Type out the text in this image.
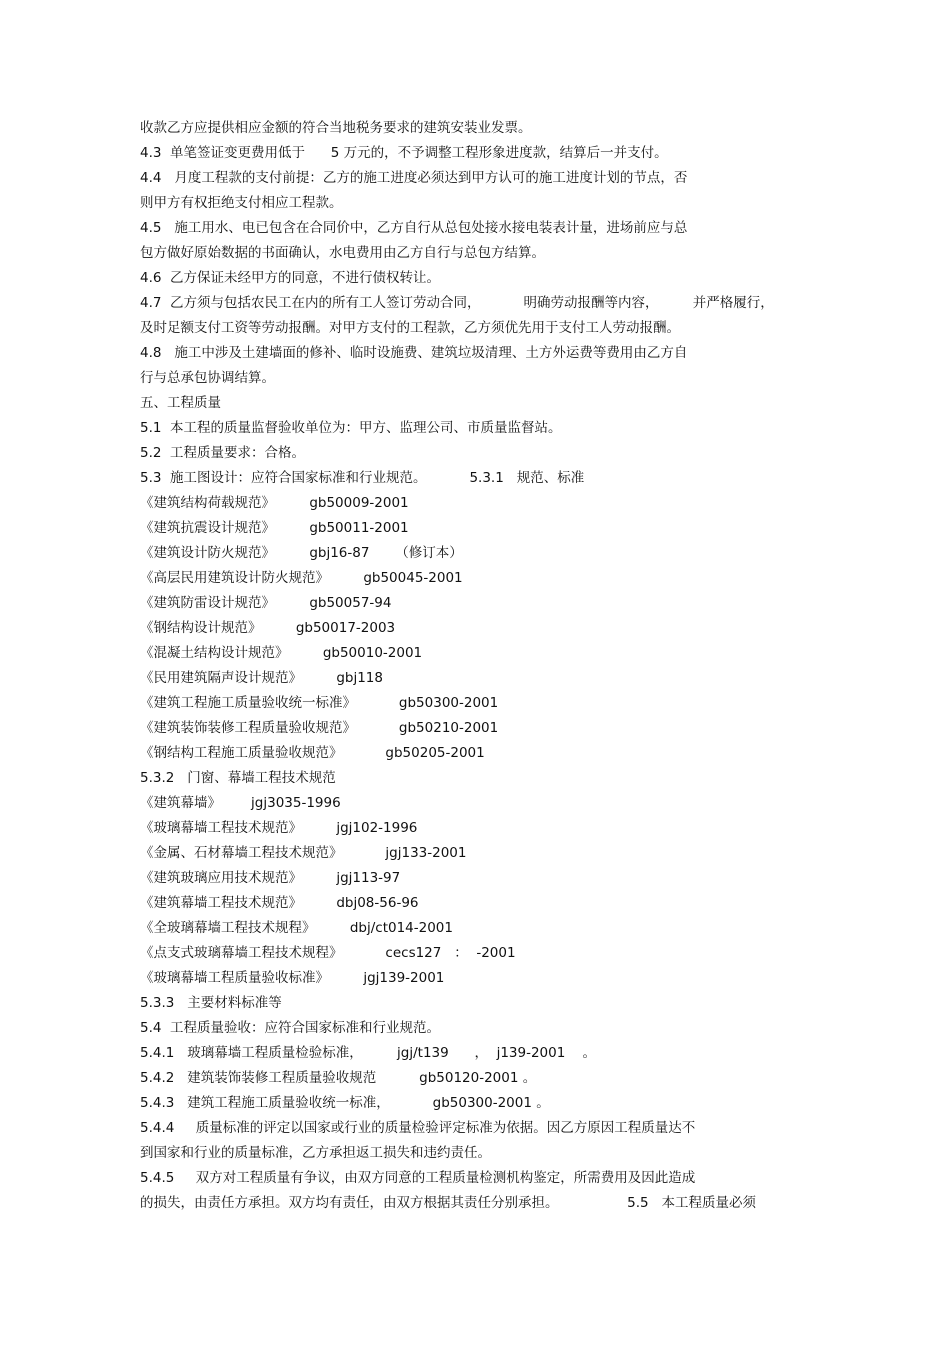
收款乙方应提供相应金额的符合当地税务要求的建筑安装业发票。
4.3  单笔签证变更费用低于      5 万元的，不予调整工程形象进度款，结算后一并支付。
4.4   月度工程款的支付前提：乙方的施工进度必须达到甲方认可的施工进度计划的节点，否
则甲方有权拒绝支付相应工程款。
4.5   施工用水、电已包含在合同价中，乙方自行从总包处接水接电装表计量，进场前应与总
包方做好原始数据的书面确认，水电费用由乙方自行与总包方结算。
4.6  乙方保证未经甲方的同意，不进行债权转让。
4.7  乙方须与包括农民工在内的所有工人签订劳动合同，          明确劳动报酬等内容，        并严格履行，
及时足额支付工资等劳动报酬。对甲方支付的工程款，乙方须优先用于支付工人劳动报酬。
4.8   施工中涉及土建墙面的修补、临时设施费、建筑垃圾清理、土方外运费等费用由乙方自
行与总承包协调结算。
五、工程质量
5.1  本工程的质量监督验收单位为：甲方、监理公司、市质量监督站。
5.2  工程质量要求：合格。
5.3  施工图设计：应符合国家标准和行业规范。          5.3.1   规范、标准
《建筑结构荷载规范》        gb50009-2001
《建筑抗震设计规范》        gb50011-2001
《建筑设计防火规范》        gbj16-87      （修订本）
《高层民用建筑设计防火规范》        gb50045-2001
《建筑防雷设计规范》        gb50057-94
《钢结构设计规范》        gb50017-2003
《混凝土结构设计规范》        gb50010-2001
《民用建筑隔声设计规范》        gbj118
《建筑工程施工质量验收统一标准》          gb50300-2001
《建筑装饰装修工程质量验收规范》          gb50210-2001
《钢结构工程施工质量验收规范》          gb50205-2001
5.3.2   门窗、幕墙工程技术规范
《建筑幕墙》       jgj3035-1996
《玻璃幕墙工程技术规范》        jgj102-1996
《金属、石材幕墙工程技术规范》          jgj133-2001
《建筑玻璃应用技术规范》        jgj113-97
《建筑幕墙工程技术规范》        dbj08-56-96
《全玻璃幕墙工程技术规程》        dbj/ct014-2001
《点支式玻璃幕墙工程技术规程》          cecs127   ：  -2001
《玻璃幕墙工程质量验收标准》        jgj139-2001
5.3.3   主要材料标准等
5.4  工程质量验收：应符合国家标准和行业规范。
5.4.1   玻璃幕墙工程质量检验标准，        jgj/t139      ，  j139-2001    。
5.4.2   建筑装饰装修工程质量验收规范          gb50120-2001 。
5.4.3   建筑工程施工质量验收统一标准，          gb50300-2001 。
5.4.4     质量标准的评定以国家或行业的质量检验评定标准为依据。因乙方原因工程质量达不
到国家和行业的质量标准，乙方承担返工损失和违约责任。
5.4.5     双方对工程质量有争议，由双方同意的工程质量检测机构鉴定，所需费用及因此造成
的损失，由责任方承担。双方均有责任，由双方根据其责任分别承担。                5.5   本工程质量必须
